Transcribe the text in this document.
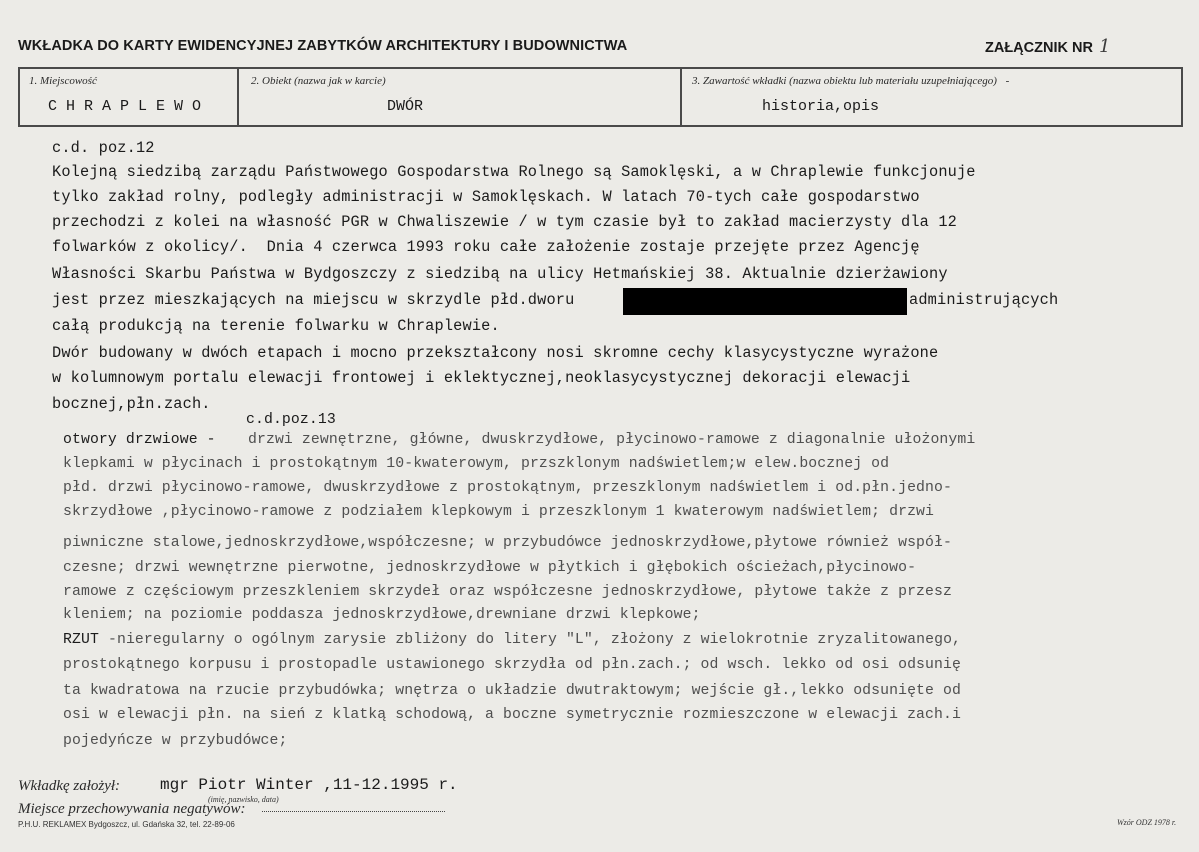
WKŁADKA DO KARTY EWIDENCYJNEJ ZABYTKÓW ARCHITEKTURY I BUDOWNICTWA	ZAŁĄCZNIK NR 1
1. Miejscowość
C H R A P L E W O
2. Obiekt (nazwa jak w karcie)
DWÓR
3. Zawartość wkładki (nazwa obiektu lub materiału uzupełniającego) -
historia,opis
c.d. poz.12
Kolejną siedzibą zarządu Państwowego Gospodarstwa Rolnego są Samoklęski, a w Chraplewie funkcjonuje
tylko zakład rolny, podległy administracji w Samoklęskach. W latach 70-tych całe gospodarstwo
przechodzi z kolei na własność PGR w Chwaliszewie / w tym czasie był to zakład macierzysty dla 12
folwarków z okolicy/.  Dnia 4 czerwca 1993 roku całe założenie zostaje przejęte przez Agencję
Własności Skarbu Państwa w Bydgoszczy z siedzibą na ulicy Hetmańskiej 38. Aktualnie dzierżawiony
jest przez mieszkających na miejscu w skrzydle płd.dworu	administrujących
całą produkcją na terenie folwarku w Chraplewie.
Dwór budowany w dwóch etapach i mocno przekształcony nosi skromne cechy klasycystyczne wyrażone
w kolumnowym portalu elewacji frontowej i eklektycznej,neoklasycystycznej dekoracji elewacji
bocznej,płn.zach.
c.d.poz.13
otwory drzwiowe - drzwi zewnętrzne, główne, dwuskrzydłowe, płycinowo-ramowe z diagonalnie ułożonymi
klepkami w płycinach i prostokątnym 10-kwaterowym, przszklonym nadświetlem;w elew.bocznej od
płd. drzwi płycinowo-ramowe, dwuskrzydłowe z prostokątnym, przeszklonym nadświetlem i od.płn.jedno-
skrzydłowe ,płycinowo-ramowe z podziałem klepkowym i przeszklonym 1 kwaterowym nadświetlem; drzwi
piwniczne stalowe,jednoskrzydłowe,współczesne; w przybudówce jednoskrzydłowe,płytowe również współ-
czesne; drzwi wewnętrzne pierwotne, jednoskrzydłowe w płytkich i głębokich ościeżach,płycinowo-
ramowe z częściowym przeszkleniem skrzydeł oraz współczesne jednoskrzydłowe, płytowe także z przesz
kleniem; na poziomie poddasza jednoskrzydłowe,drewniane drzwi klepkowe;
RZUT -nieregularny o ogólnym zarysie zbliżony do litery "L", złożony z wielokrotnie zryzalitowanego,
prostokątnego korpusu i prostopadle ustawionego skrzydła od płn.zach.; od wsch. lekko od osi odsunię
ta kwadratowa na rzucie przybudówka; wnętrza o układzie dwutraktowym; wejście gł.,lekko odsunięte od
osi w elewacji płn. na sień z klatką schodową, a boczne symetrycznie rozmieszczone w elewacji zach.i
pojedyńcze w przybudówce;
Wkładkę założył: mgr Piotr Winter ,11-12.1995 r.
(imię, nazwisko, data)
Miejsce przechowywania negatywów:
P.H.U. REKLAMEX Bydgoszcz, ul. Gdańska 32, tel. 22-89-06	Wzór ODZ 1978 r.
